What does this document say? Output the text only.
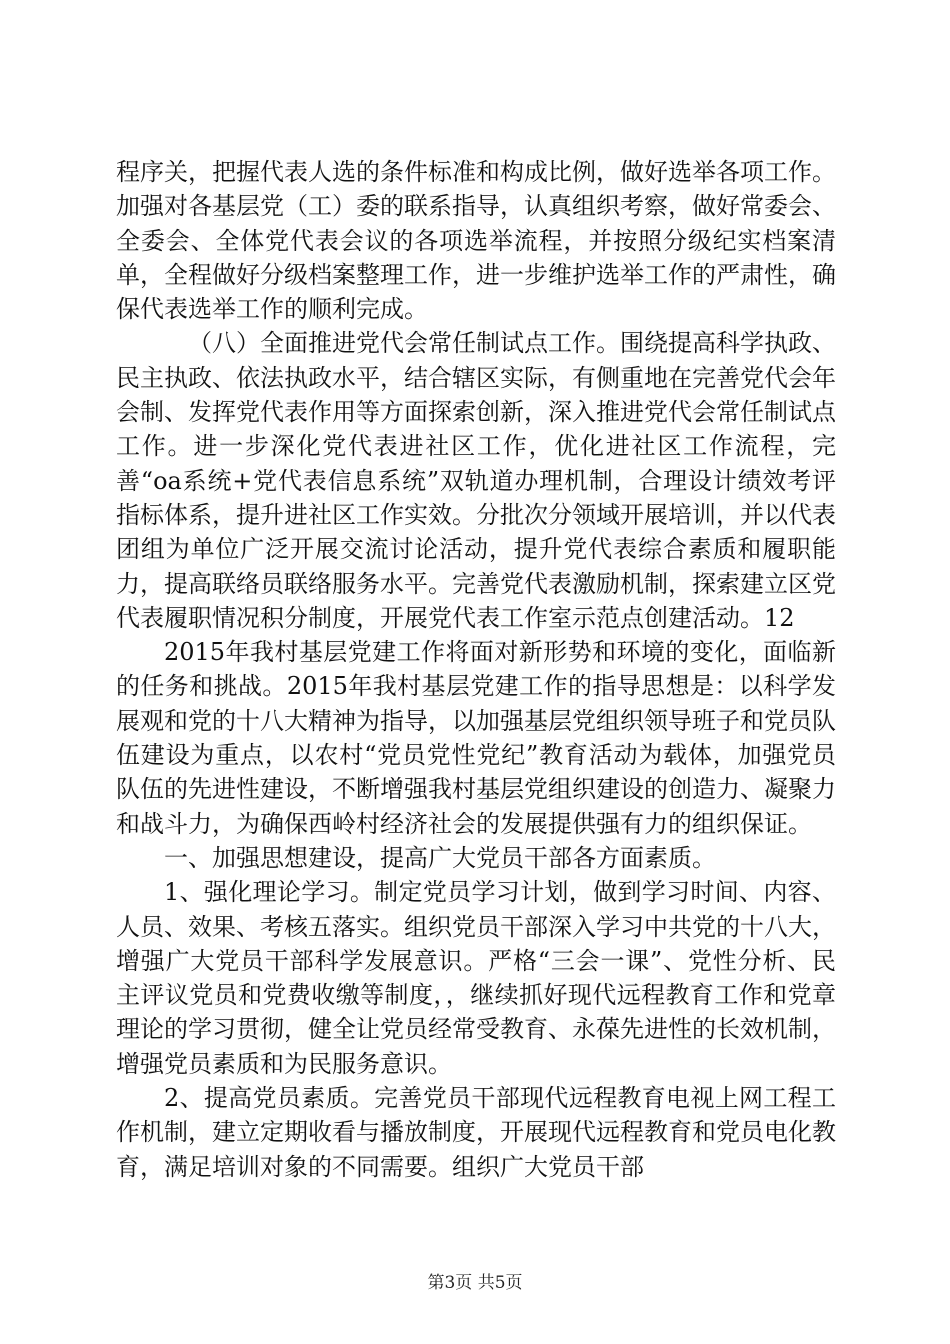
程序关，把握代表人选的条件标准和构成比例，做好选举各项工作。加强对各基层党（工）委的联系指导，认真组织考察，做好常委会、全委会、全体党代表会议的各项选举流程，并按照分级纪实档案清单，全程做好分级档案整理工作，进一步维护选举工作的严肃性，确保代表选举工作的顺利完成。

（八）全面推进党代会常任制试点工作。围绕提高科学执政、民主执政、依法执政水平，结合辖区实际，有侧重地在完善党代会年会制、发挥党代表作用等方面探索创新，深入推进党代会常任制试点工作。进一步深化党代表进社区工作，优化进社区工作流程，完善“oa系统+党代表信息系统”双轨道办理机制，合理设计绩效考评指标体系，提升进社区工作实效。分批次分领域开展培训，并以代表团组为单位广泛开展交流讨论活动，提升党代表综合素质和履职能力，提高联络员联络服务水平。完善党代表激励机制，探索建立区党代表履职情况积分制度，开展党代表工作室示范点创建活动。12

2015年我村基层党建工作将面对新形势和环境的变化，面临新的任务和挑战。2015年我村基层党建工作的指导思想是：以科学发展观和党的十八大精神为指导，以加强基层党组织领导班子和党员队伍建设为重点，以农村“党员党性党纪”教育活动为载体，加强党员队伍的先进性建设，不断增强我村基层党组织建设的创造力、凝聚力和战斗力，为确保西岭村经济社会的发展提供强有力的组织保证。

一、加强思想建设，提高广大党员干部各方面素质。

1、强化理论学习。制定党员学习计划，做到学习时间、内容、人员、效果、考核五落实。组织党员干部深入学习中共党的十八大，增强广大党员干部科学发展意识。严格“三会一课”、党性分析、民主评议党员和党费收缴等制度，，继续抓好现代远程教育工作和党章理论的学习贯彻，健全让党员经常受教育、永葆先进性的长效机制，增强党员素质和为民服务意识。

2、提高党员素质。完善党员干部现代远程教育电视上网工程工作机制，建立定期收看与播放制度，开展现代远程教育和党员电化教育，满足培训对象的不同需要。组织广大党员干部

第3页 共5页
